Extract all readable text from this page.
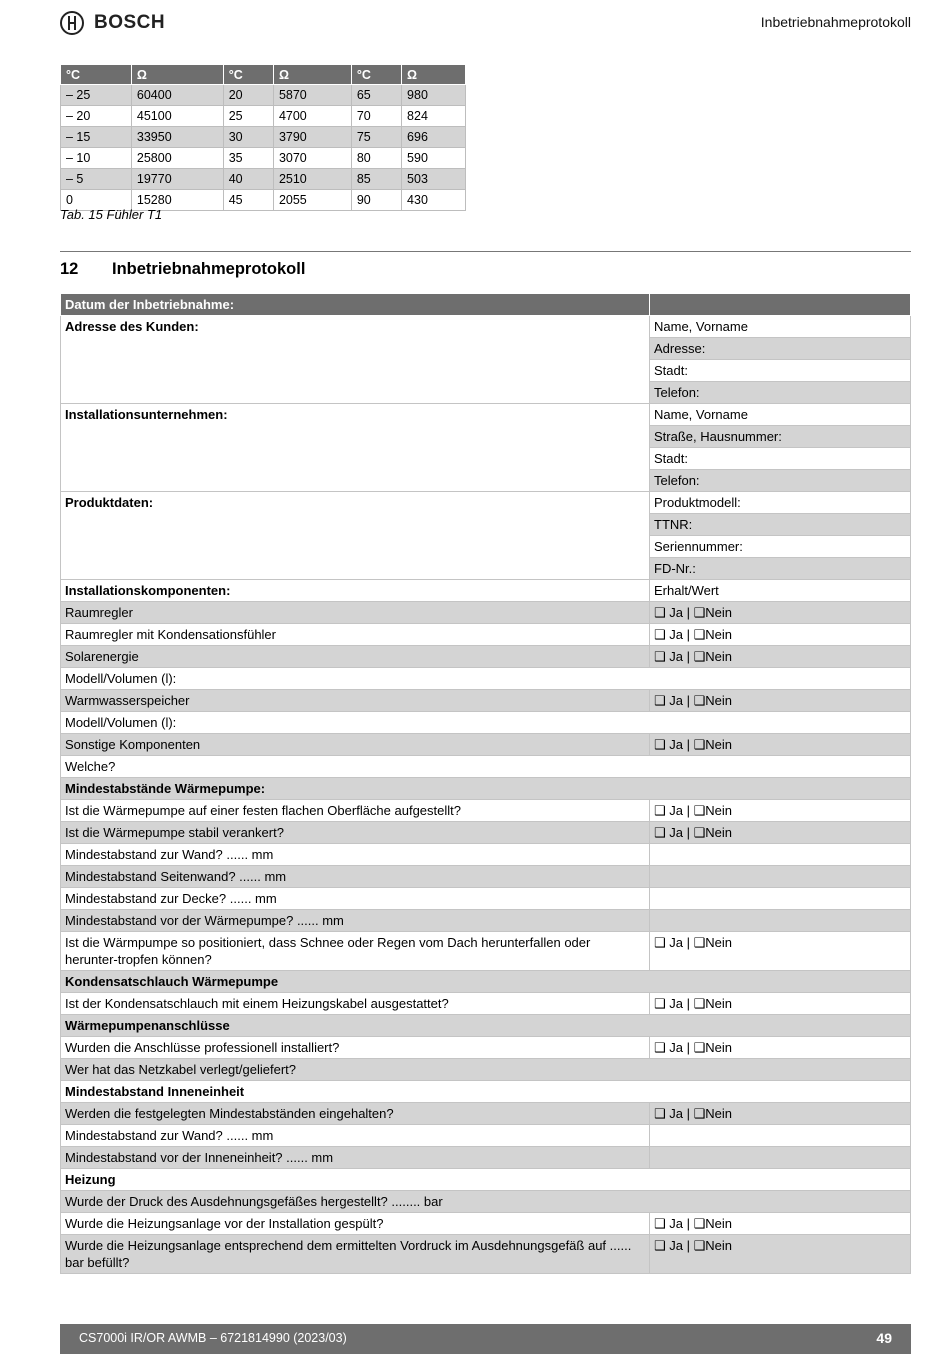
BOSCH	Inbetriebnahmeprotokoll
°C	Ω	°C	Ω	°C	Ω
– 25	60400	20	5870	65	980
– 20	45100	25	4700	70	824
– 15	33950	30	3790	75	696
– 10	25800	35	3070	80	590
– 5	19770	40	2510	85	503
0	15280	45	2055	90	430
Tab. 15 Fühler T1
12 Inbetriebnahmeprotokoll
Datum der Inbetriebnahme:	
Adresse des Kunden:	Name, Vorname
	Adresse:
	Stadt:
	Telefon:
Installationsunternehmen:	Name, Vorname
	Straße, Hausnummer:
	Stadt:
	Telefon:
Produktdaten:	Produktmodell:
	TTNR:
	Seriennummer:
	FD-Nr.:
Installationskomponenten:	Erhalt/Wert
Raumregler	❑ Ja | ❑Nein
Raumregler mit Kondensationsfühler	❑ Ja | ❑Nein
Solarenergie	❑ Ja | ❑Nein
Modell/Volumen (l):	
Warmwasserspeicher	❑ Ja | ❑Nein
Modell/Volumen (l):	
Sonstige Komponenten	❑ Ja | ❑Nein
Welche?	
Mindestabstände Wärmepumpe:	
Ist die Wärmepumpe auf einer festen flachen Oberfläche aufgestellt?	❑ Ja | ❑Nein
Ist die Wärmepumpe stabil verankert?	❑ Ja | ❑Nein
Mindestabstand zur Wand? ...... mm	
Mindestabstand Seitenwand? ...... mm	
Mindestabstand zur Decke? ...... mm	
Mindestabstand vor der Wärmepumpe? ...... mm	
Ist die Wärmpumpe so positioniert, dass Schnee oder Regen vom Dach herunterfallen oder herunter-tropfen können?	❑ Ja | ❑Nein
Kondensatschlauch Wärmepumpe	
Ist der Kondensatschlauch mit einem Heizungskabel ausgestattet?	❑ Ja | ❑Nein
Wärmepumpenanschlüsse	
Wurden die Anschlüsse professionell installiert?	❑ Ja | ❑Nein
Wer hat das Netzkabel verlegt/geliefert?	
Mindestabstand Inneneinheit	
Werden die festgelegten Mindestabständen eingehalten?	❑ Ja | ❑Nein
Mindestabstand zur Wand? ...... mm	
Mindestabstand vor der Inneneinheit? ...... mm	
Heizung	
Wurde der Druck des Ausdehnungsgefäßes hergestellt? ........ bar	
Wurde die Heizungsanlage vor der Installation gespült?	❑ Ja | ❑Nein
Wurde die Heizungsanlage entsprechend dem ermittelten Vordruck im Ausdehnungsgefäß auf ...... bar befüllt?	❑ Ja | ❑Nein
CS7000i IR/OR AWMB – 6721814990 (2023/03)	49
